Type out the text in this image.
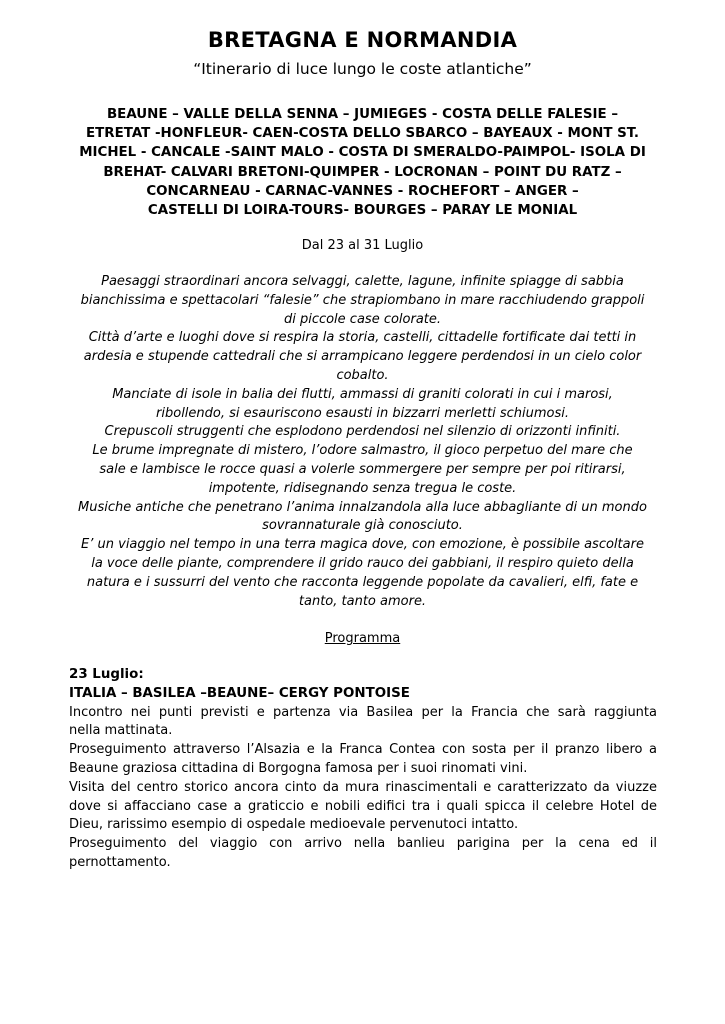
BRETAGNA E NORMANDIA
“Itinerario di luce lungo le coste atlantiche”
BEAUNE – VALLE DELLA SENNA – JUMIEGES - COSTA DELLE FALESIE –
ETRETAT -HONFLEUR- CAEN-COSTA DELLO SBARCO – BAYEAUX - MONT ST.
MICHEL - CANCALE -SAINT MALO - COSTA DI SMERALDO-PAIMPOL- ISOLA DI
BREHAT- CALVARI BRETONI-QUIMPER - LOCRONAN – POINT DU RATZ –
CONCARNEAU - CARNAC-VANNES - ROCHEFORT – ANGER –
CASTELLI DI LOIRA-TOURS- BOURGES – PARAY LE MONIAL
Dal 23 al 31 Luglio
Paesaggi straordinari ancora selvaggi, calette, lagune, infinite spiagge di sabbia
bianchissima e spettacolari “falesie” che strapiombano in mare racchiudendo grappoli
di piccole case colorate.
Città d’arte e luoghi dove si respira la storia, castelli, cittadelle fortificate dai tetti in
ardesia e stupende cattedrali che si arrampicano leggere perdendosi in un cielo color
cobalto.
Manciate di isole in balia dei flutti, ammassi di graniti colorati in cui i marosi,
ribollendo, si esauriscono esausti in bizzarri merletti schiumosi.
Crepuscoli struggenti che esplodono perdendosi nel silenzio di orizzonti infiniti.
Le brume impregnate di mistero, l’odore salmastro, il gioco perpetuo del mare che
sale e lambisce le rocce quasi a volerle sommergere per sempre per poi ritirarsi,
impotente, ridisegnando senza tregua le coste.
Musiche antiche che penetrano l’anima innalzandola alla luce abbagliante di un mondo
sovrannaturale già conosciuto.
E’ un viaggio nel tempo in una terra magica dove, con emozione, è possibile ascoltare
la voce delle piante, comprendere il grido rauco dei gabbiani, il respiro quieto della
natura e i sussurri del vento che racconta leggende popolate da cavalieri, elfi, fate e
tanto, tanto amore.
Programma
23 Luglio:
ITALIA – BASILEA –BEAUNE– CERGY PONTOISE
Incontro nei punti previsti e partenza via Basilea per la Francia che sarà raggiunta
nella mattinata.
Proseguimento attraverso l’Alsazia e la Franca Contea con sosta per il pranzo libero a
Beaune graziosa cittadina di Borgogna famosa per i suoi rinomati vini.
Visita del centro storico ancora cinto da mura rinascimentali e caratterizzato da viuzze
dove si affacciano case a graticcio e nobili edifici tra i quali spicca il celebre Hotel de
Dieu, rarissimo esempio di ospedale medioevale pervenutoci intatto.
Proseguimento del viaggio con arrivo nella banlieu parigina per la cena ed il
pernottamento.
